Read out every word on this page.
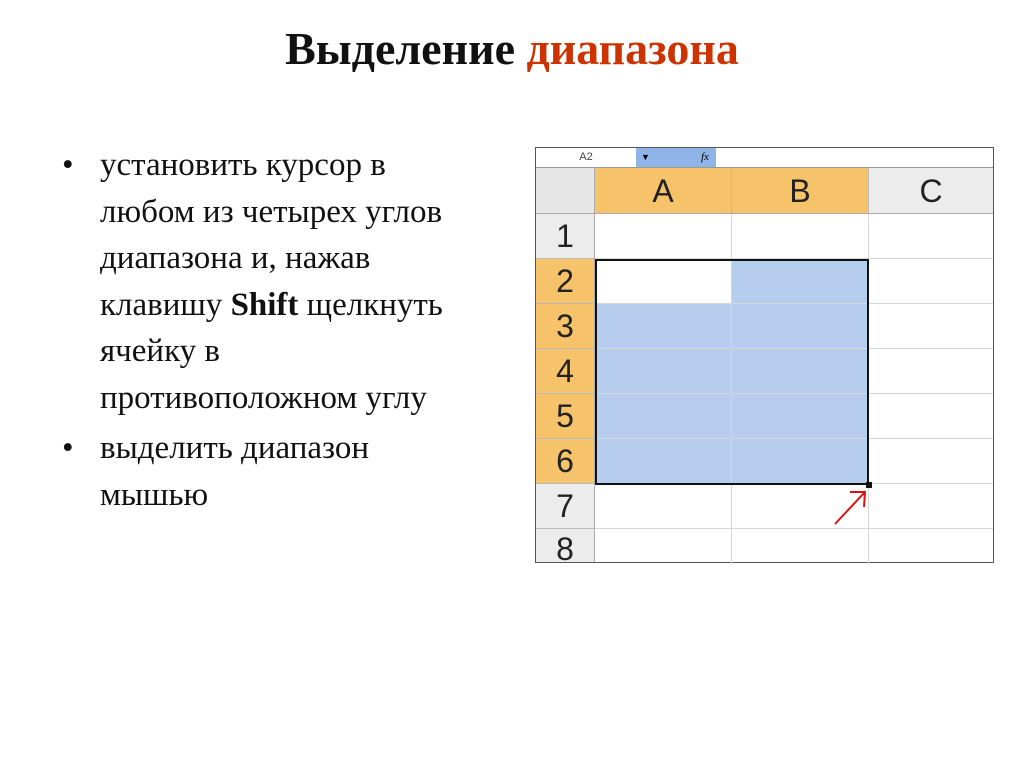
Выделение диапазона
• установить курсор в любом из четырех углов диапазона и, нажав клавишу Shift щелкнуть ячейку в противоположном углу
• выделить диапазон мышью
A2	▼	fx
A	B	C
1
2
3
4
5
6
7
8
